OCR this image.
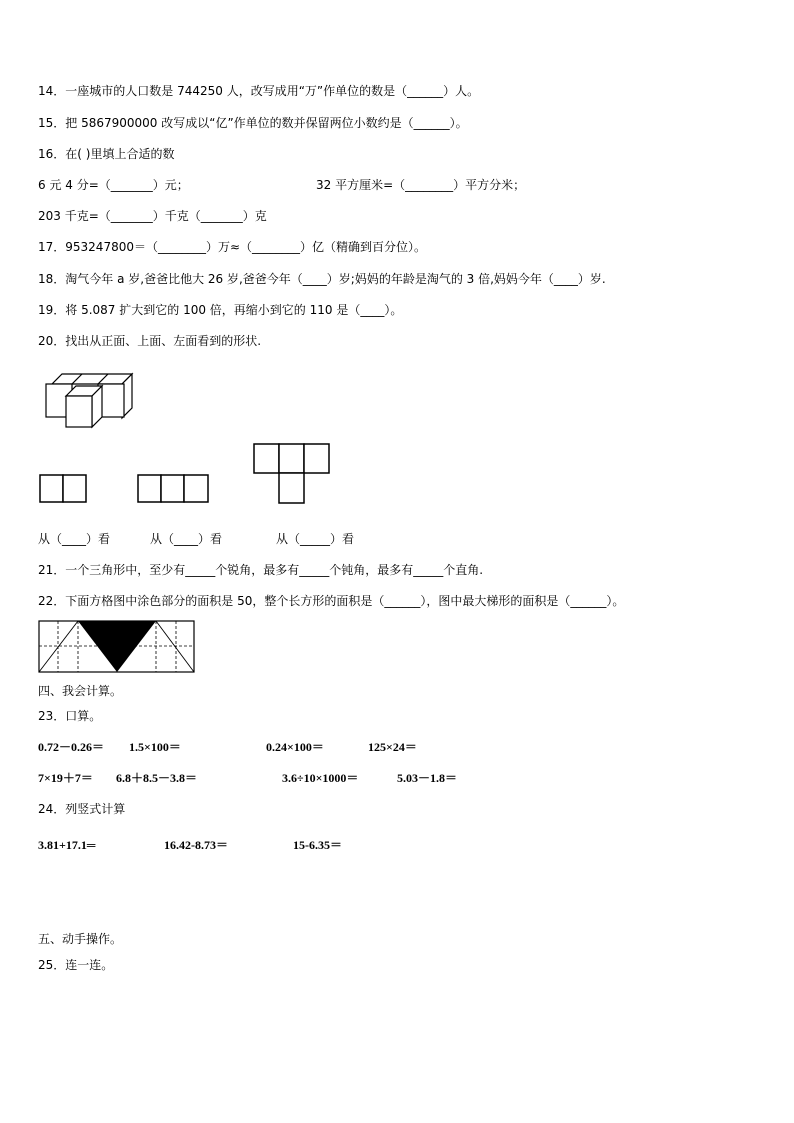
14．一座城市的人口数是 744250 人，改写成用“万”作单位的数是（______）人。
15．把 5867900000 改写成以“亿”作单位的数并保留两位小数约是（______）。
16．在( )里填上合适的数
6 元 4 分=（_______）元；	32 平方厘米=（________）平方分米；
203 千克=（_______）千克（_______）克
17．953247800＝（________）万≈（________）亿（精确到百分位）。
18．淘气今年 a 岁,爸爸比他大 26 岁,爸爸今年（____）岁;妈妈的年龄是淘气的 3 倍,妈妈今年（____）岁.
19．将 5.087 扩大到它的 100 倍，再缩小到它的 110 是（____）。
20．找出从正面、上面、左面看到的形状.
从（____）看	从（____）看	从（_____）看
21．一个三角形中，至少有_____个锐角，最多有_____个钝角，最多有_____个直角.
22．下面方格图中涂色部分的面积是 50，整个长方形的面积是（______），图中最大梯形的面积是（______）。
四、我会计算。
23．口算。
0.72－0.26＝ 1.5×100＝	0.24×100＝	125×24＝
7×19＋7＝ 6.8＋8.5－3.8＝	3.6÷10×1000＝	5.03－1.8＝
24．列竖式计算
3.81+17.1═	16.42-8.73＝	15-6.35＝
五、动手操作。
25．连一连。
